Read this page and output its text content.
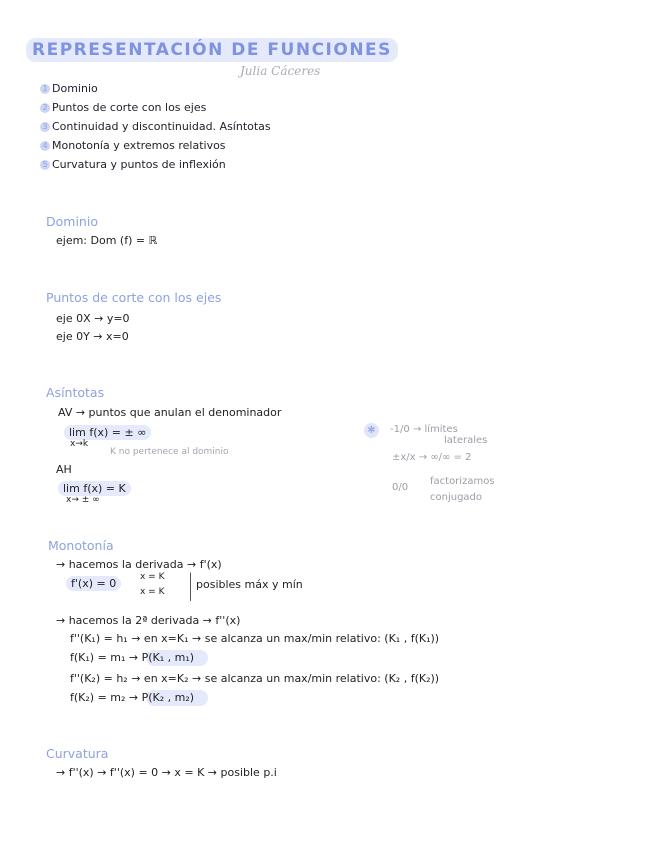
REPRESENTACIÓN DE FUNCIONES
Julia Cáceres
1 Dominio
2 Puntos de corte con los ejes
3 Continuidad y discontinuidad. Asíntotas
4 Monotonía y extremos relativos
5 Curvatura y puntos de inflexión
Dominio
ejem: Dom (f) = ℝ
Puntos de corte con los ejes
eje 0X → y=0
eje 0Y → x=0
Asíntotas
AV → puntos que anulan el denominador
lim f(x) = ± ∞
x→k
K no pertenece al dominio
AH
lim f(x) = K
x→ ± ∞
✱	-1/0 → límites
laterales
±x/x → ∞/∞ = 2
0/0
factorizamos
conjugado
Monotonía
→ hacemos la derivada → f'(x)
f'(x) = 0	x = K
x = K
posibles máx y mín
→ hacemos la 2ª derivada → f''(x)
f''(K₁) = h₁ → en x=K₁ → se alcanza un max/min relativo: (K₁ , f(K₁))
f(K₁) = m₁ → P(K₁ , m₁)
f''(K₂) = h₂ → en x=K₂ → se alcanza un max/min relativo: (K₂ , f(K₂))
f(K₂) = m₂ → P(K₂ , m₂)
Curvatura
→ f''(x) → f''(x) = 0 → x = K → posible p.i
